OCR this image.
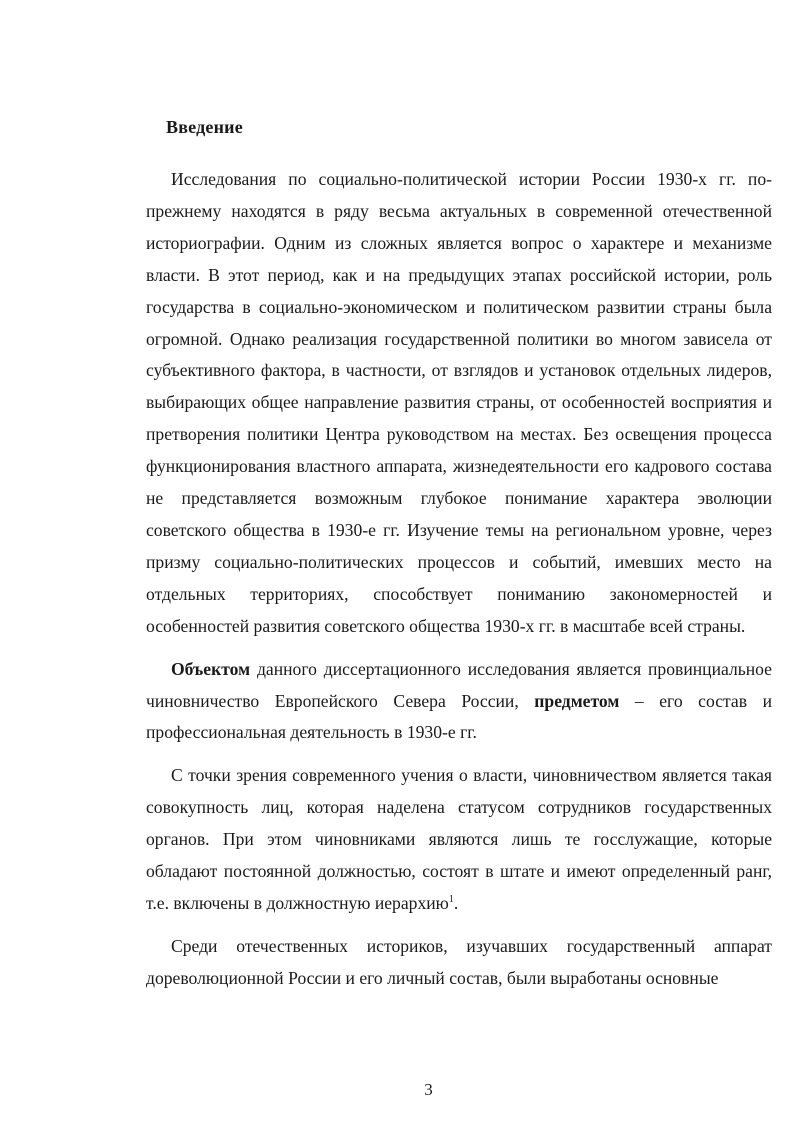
Введение

Исследования по социально-политической истории России 1930-х гг. по-прежнему находятся в ряду весьма актуальных в современной отечественной историографии. Одним из сложных является вопрос о характере и механизме власти. В этот период, как и на предыдущих этапах российской истории, роль государства в социально-экономическом и политическом развитии страны была огромной. Однако реализация государственной политики во многом зависела от субъективного фактора, в частности, от взглядов и установок отдельных лидеров, выбирающих общее направление развития страны, от особенностей восприятия и претворения политики Центра руководством на местах. Без освещения процесса функционирования властного аппарата, жизнедеятельности его кадрового состава не представляется возможным глубокое понимание характера эволюции советского общества в 1930-е гг. Изучение темы на региональном уровне, через призму социально-политических процессов и событий, имевших место на отдельных территориях, способствует пониманию закономерностей и особенностей развития советского общества 1930-х гг. в масштабе всей страны.

Объектом данного диссертационного исследования является провинциальное чиновничество Европейского Севера России, предметом – его состав и профессиональная деятельность в 1930-е гг.

С точки зрения современного учения о власти, чиновничеством является такая совокупность лиц, которая наделена статусом сотрудников государственных органов. При этом чиновниками являются лишь те госслужащие, которые обладают постоянной должностью, состоят в штате и имеют определенный ранг, т.е. включены в должностную иерархию$^1$.

Среди отечественных историков, изучавших государственный аппарат дореволюционной России и его личный состав, были выработаны основные

3
